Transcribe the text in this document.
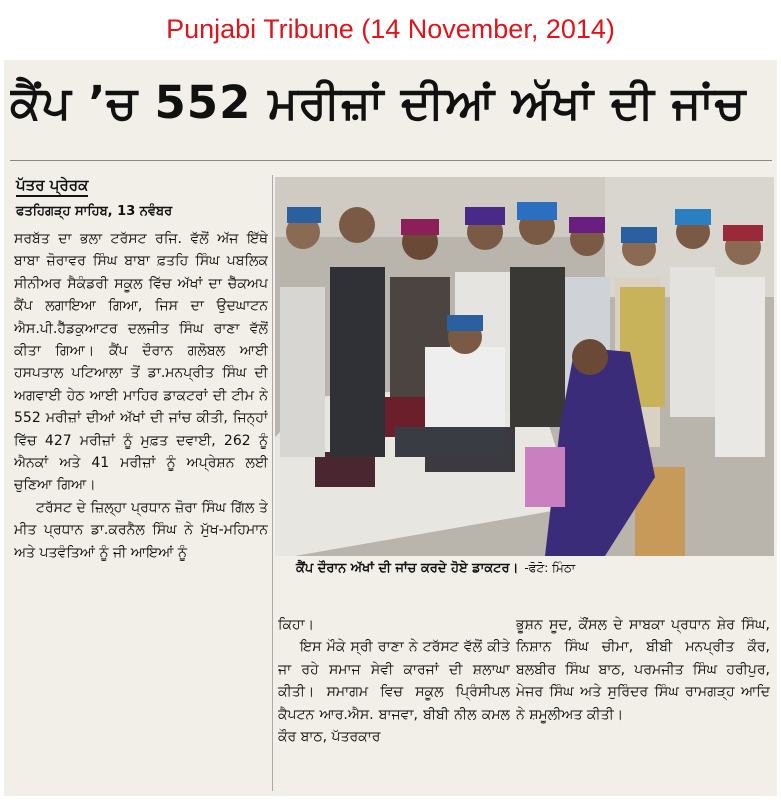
Punjabi Tribune (14 November, 2014)
ਕੈਂਪ ’ਚ 552 ਮਰੀਜ਼ਾਂ ਦੀਆਂ ਅੱਖਾਂ ਦੀ ਜਾਂਚ
ਪੱਤਰ ਪ੍ਰੇਰਕ
ਫਤਹਿਗੜ੍ਹ ਸਾਹਿਬ, 13 ਨਵੰਬਰ

ਸਰਬੱਤ ਦਾ ਭਲਾ ਟਰੱਸਟ ਰਜਿ. ਵੱਲੋਂ ਅੱਜ ਇੱਥੇ ਬਾਬਾ ਜ਼ੋਰਾਵਰ ਸਿੰਘ ਬਾਬਾ ਫ਼ਤਹਿ ਸਿੰਘ ਪਬਲਿਕ ਸੀਨੀਅਰ ਸੈਕੰਡਰੀ ਸਕੂਲ ਵਿੱਚ ਅੱਖਾਂ ਦਾ ਚੈੱਕਅਪ ਕੈਂਪ ਲਗਾਇਆ ਗਿਆ, ਜਿਸ ਦਾ ਉਦਘਾਟਨ ਐਸ.ਪੀ.ਹੈੱਡਕੁਆਟਰ ਦਲਜੀਤ ਸਿੰਘ ਰਾਣਾ ਵੱਲੋਂ ਕੀਤਾ ਗਿਆ। ਕੈਂਪ ਦੌਰਾਨ ਗਲੋਬਲ ਆਈ ਹਸਪਤਾਲ ਪਟਿਆਲਾ ਤੋਂ ਡਾ.ਮਨਪ੍ਰੀਤ ਸਿੰਘ ਦੀ ਅਗਵਾਈ ਹੇਠ ਆਈ ਮਾਹਿਰ ਡਾਕਟਰਾਂ ਦੀ ਟੀਮ ਨੇ 552 ਮਰੀਜ਼ਾਂ ਦੀਆਂ ਅੱਖਾਂ ਦੀ ਜਾਂਚ ਕੀਤੀ, ਜਿਨ੍ਹਾਂ ਵਿੱਚ 427 ਮਰੀਜ਼ਾਂ ਨੂੰ ਮੁਫ਼ਤ ਦਵਾਈ, 262 ਨੂੰ ਐਨਕਾਂ ਅਤੇ 41 ਮਰੀਜ਼ਾਂ ਨੂੰ ਅਪ੍ਰੇਸ਼ਨ ਲਈ ਚੁਣਿਆ ਗਿਆ।

ਟਰੱਸਟ ਦੇ ਜ਼ਿਲ੍ਹਾ ਪ੍ਰਧਾਨ ਜ਼ੋਰਾ ਸਿੰਘ ਗਿੱਲ ਤੇ ਮੀਤ ਪ੍ਰਧਾਨ ਡਾ.ਕਰਨੈਲ ਸਿੰਘ ਨੇ ਮੁੱਖ-ਮਹਿਮਾਨ ਅਤੇ ਪਤਵੰਤਿਆਂ ਨੂੰ ਜੀ ਆਇਆਂ ਨੂੰ

ਕੈਂਪ ਦੌਰਾਨ ਅੱਖਾਂ ਦੀ ਜਾਂਚ ਕਰਦੇ ਹੋਏ ਡਾਕਟਰ। -ਫੋਟੋ: ਮਿੰਠਾ

ਕਿਹਾ।

ਇਸ ਮੌਕੇ ਸ੍ਰੀ ਰਾਣਾ ਨੇ ਟਰੱਸਟ ਵੱਲੋਂ ਕੀਤੇ ਜਾ ਰਹੇ ਸਮਾਜ ਸੇਵੀ ਕਾਰਜਾਂ ਦੀ ਸ਼ਲਾਘਾ ਕੀਤੀ। ਸਮਾਗਮ ਵਿਚ ਸਕੂਲ ਪ੍ਰਿੰਸੀਪਲ ਕੈਪਟਨ ਆਰ.ਐਸ. ਬਾਜਵਾ, ਬੀਬੀ ਨੀਲ ਕਮਲ ਕੌਰ ਬਾਠ, ਪੱਤਰਕਾਰ

ਭੂਸ਼ਨ ਸੂਦ, ਕੌਂਸਲ ਦੇ ਸਾਬਕਾ ਪ੍ਰਧਾਨ ਸ਼ੇਰ ਸਿੰਘ, ਨਿਸ਼ਾਨ ਸਿੰਘ ਚੀਮਾ, ਬੀਬੀ ਮਨਪ੍ਰੀਤ ਕੌਰ, ਬਲਬੀਰ ਸਿੰਘ ਬਾਠ, ਪਰਮਜੀਤ ਸਿੰਘ ਹਰੀਪੁਰ, ਮੇਜਰ ਸਿੰਘ ਅਤੇ ਸੁਰਿੰਦਰ ਸਿੰਘ ਰਾਮਗੜ੍ਹ ਆਦਿ ਨੇ ਸ਼ਮੂਲੀਅਤ ਕੀਤੀ।
